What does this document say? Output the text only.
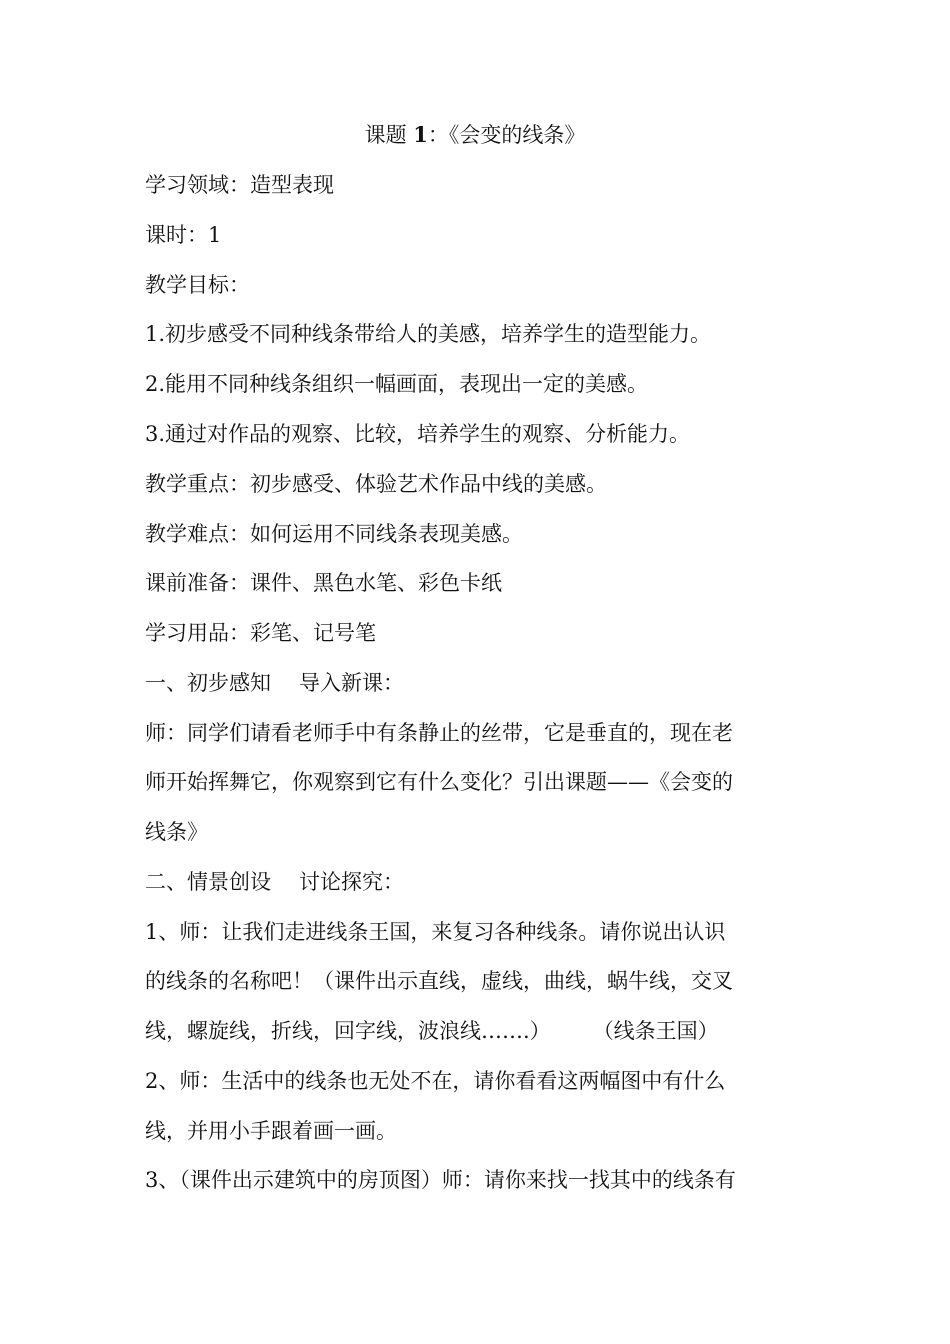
课题 1：《会变的线条》
学习领域：造型表现
课时：1
教学目标：
1.初步感受不同种线条带给人的美感，培养学生的造型能力。
2.能用不同种线条组织一幅画面，表现出一定的美感。
3.通过对作品的观察、比较，培养学生的观察、分析能力。
教学重点：初步感受、体验艺术作品中线的美感。
教学难点：如何运用不同线条表现美感。
课前准备：课件、黑色水笔、彩色卡纸
学习用品：彩笔、记号笔
一、初步感知 导入新课：
师：同学们请看老师手中有条静止的丝带，它是垂直的，现在老
师开始挥舞它，你观察到它有什么变化？引出课题——《会变的
线条》
二、情景创设 讨论探究：
1、师：让我们走进线条王国，来复习各种线条。请你说出认识
的线条的名称吧！（课件出示直线，虚线，曲线，蜗牛线，交叉
线，螺旋线，折线，回字线，波浪线…….） （线条王国）
2、师：生活中的线条也无处不在，请你看看这两幅图中有什么
线，并用小手跟着画一画。
3、（课件出示建筑中的房顶图）师：请你来找一找其中的线条有
